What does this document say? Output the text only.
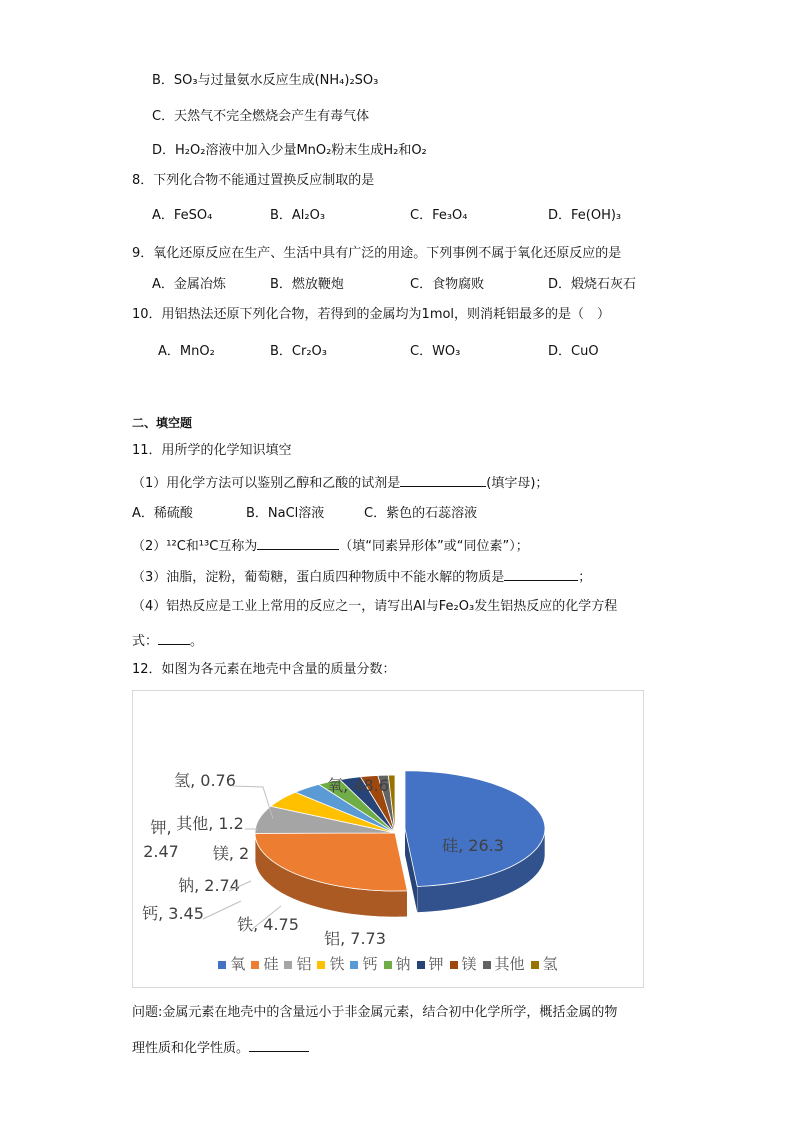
B．SO₃与过量氨水反应生成(NH₄)₂SO₃
C．天然气不完全燃烧会产生有毒气体
D．H₂O₂溶液中加入少量MnO₂粉末生成H₂和O₂
8．下列化合物不能通过置换反应制取的是
A．FeSO₄	B．Al₂O₃	C．Fe₃O₄	D．Fe(OH)₃
9．氧化还原反应在生产、生活中具有广泛的用途。下列事例不属于氧化还原反应的是
A．金属冶炼	B．燃放鞭炮	C．食物腐败	D．煅烧石灰石
10．用铝热法还原下列化合物，若得到的金属均为1mol，则消耗铝最多的是（　）
A．MnO₂	B．Cr₂O₃	C．WO₃	D．CuO
二、填空题
11．用所学的化学知识填空
（1）用化学方法可以鉴别乙醇和乙酸的试剂是	(填字母)；
A．稀硫酸	B．NaCl溶液	C．紫色的石蕊溶液
（2）¹²C和¹³C互称为	（填“同素异形体”或“同位素”）；
（3）油脂，淀粉，葡萄糖，蛋白质四种物质中不能水解的物质是	；
（4）铝热反应是工业上常用的反应之一，请写出Al与Fe₂O₃发生铝热反应的化学方程
式： 。
12．如图为各元素在地壳中含量的质量分数：
氧, 48.6
硅, 26.3
铝, 7.73
铁, 4.75
钙, 3.45
钠, 2.74
钾, 2.47 镁, 2
其他, 1.2
氢, 0.76
氧 硅 铝 铁 钙 钠 钾 镁 其他 氢
问题:金属元素在地壳中的含量远小于非金属元素，结合初中化学所学，概括金属的物
理性质和化学性质。
